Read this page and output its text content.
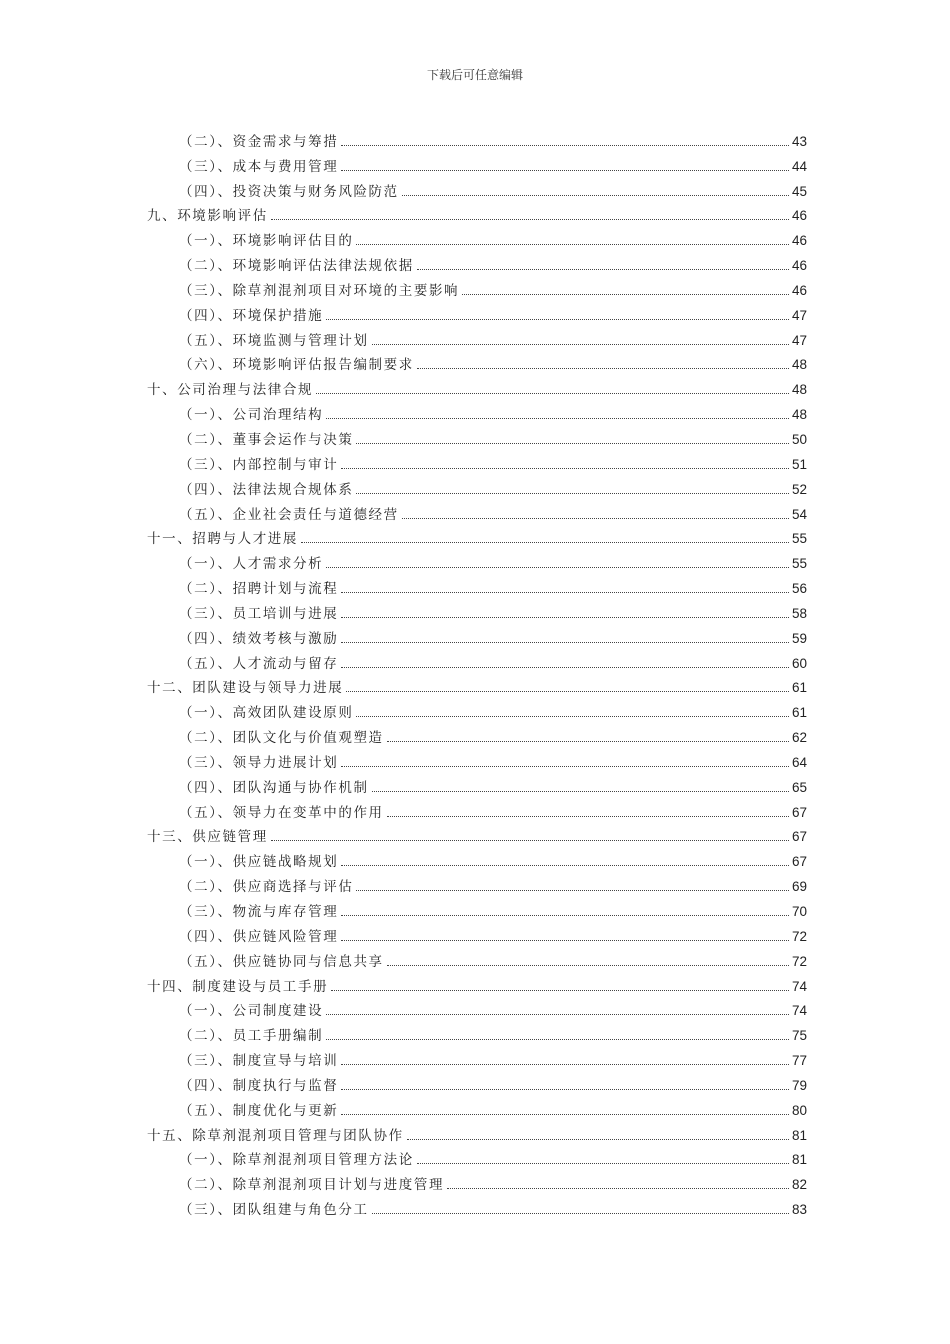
下载后可任意编辑
（二）、资金需求与筹措	43
（三）、成本与费用管理	44
（四）、投资决策与财务风险防范	45
九、环境影响评估	46
（一）、环境影响评估目的	46
（二）、环境影响评估法律法规依据	46
（三）、除草剂混剂项目对环境的主要影响	46
（四）、环境保护措施	47
（五）、环境监测与管理计划	47
（六）、环境影响评估报告编制要求	48
十、公司治理与法律合规	48
（一）、公司治理结构	48
（二）、董事会运作与决策	50
（三）、内部控制与审计	51
（四）、法律法规合规体系	52
（五）、企业社会责任与道德经营	54
十一、招聘与人才进展	55
（一）、人才需求分析	55
（二）、招聘计划与流程	56
（三）、员工培训与进展	58
（四）、绩效考核与激励	59
（五）、人才流动与留存	60
十二、团队建设与领导力进展	61
（一）、高效团队建设原则	61
（二）、团队文化与价值观塑造	62
（三）、领导力进展计划	64
（四）、团队沟通与协作机制	65
（五）、领导力在变革中的作用	67
十三、供应链管理	67
（一）、供应链战略规划	67
（二）、供应商选择与评估	69
（三）、物流与库存管理	70
（四）、供应链风险管理	72
（五）、供应链协同与信息共享	72
十四、制度建设与员工手册	74
（一）、公司制度建设	74
（二）、员工手册编制	75
（三）、制度宣导与培训	77
（四）、制度执行与监督	79
（五）、制度优化与更新	80
十五、除草剂混剂项目管理与团队协作	81
（一）、除草剂混剂项目管理方法论	81
（二）、除草剂混剂项目计划与进度管理	82
（三）、团队组建与角色分工	83
